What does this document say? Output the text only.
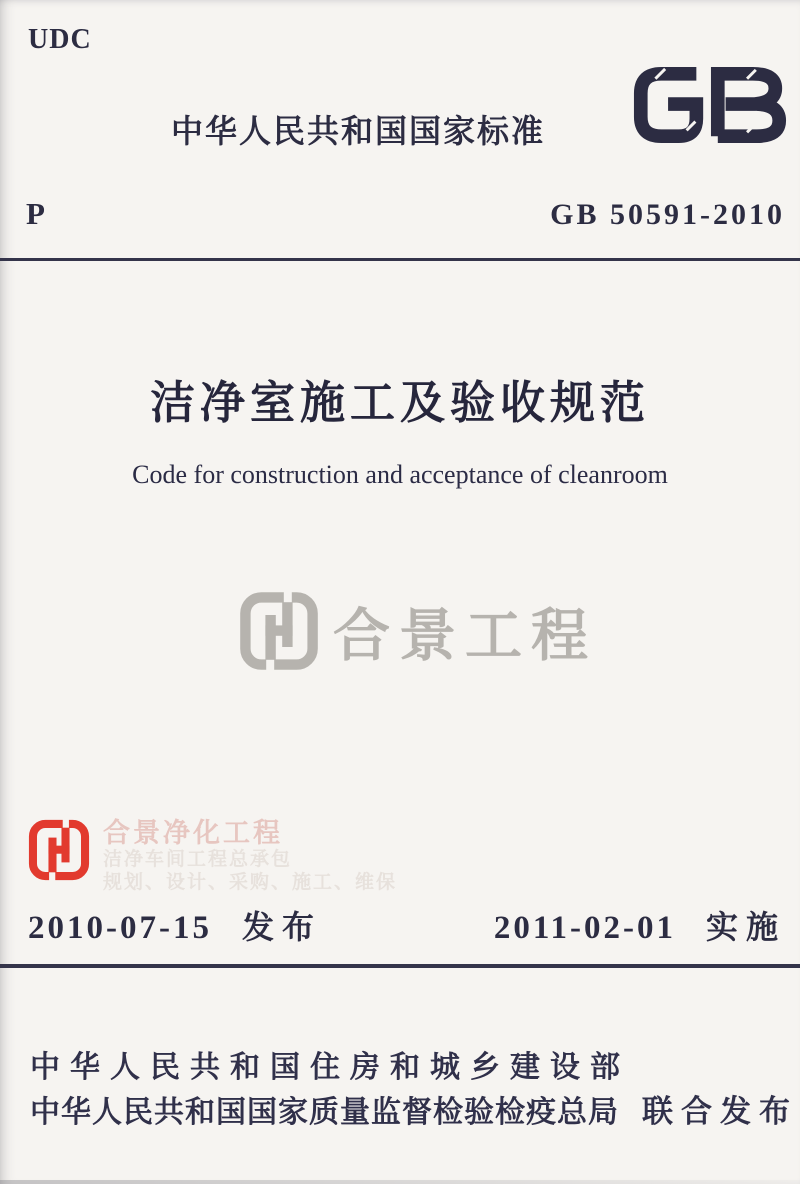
UDC
中华人民共和国国家标准
P	GB 50591-2010
洁净室施工及验收规范
Code for construction and acceptance of cleanroom
合景工程
合景净化工程
洁净车间工程总承包
规划、设计、采购、施工、维保
2010-07-15 发布	2011-02-01 实施
中华人民共和国住房和城乡建设部
中华人民共和国国家质量监督检验检疫总局 联合发布
